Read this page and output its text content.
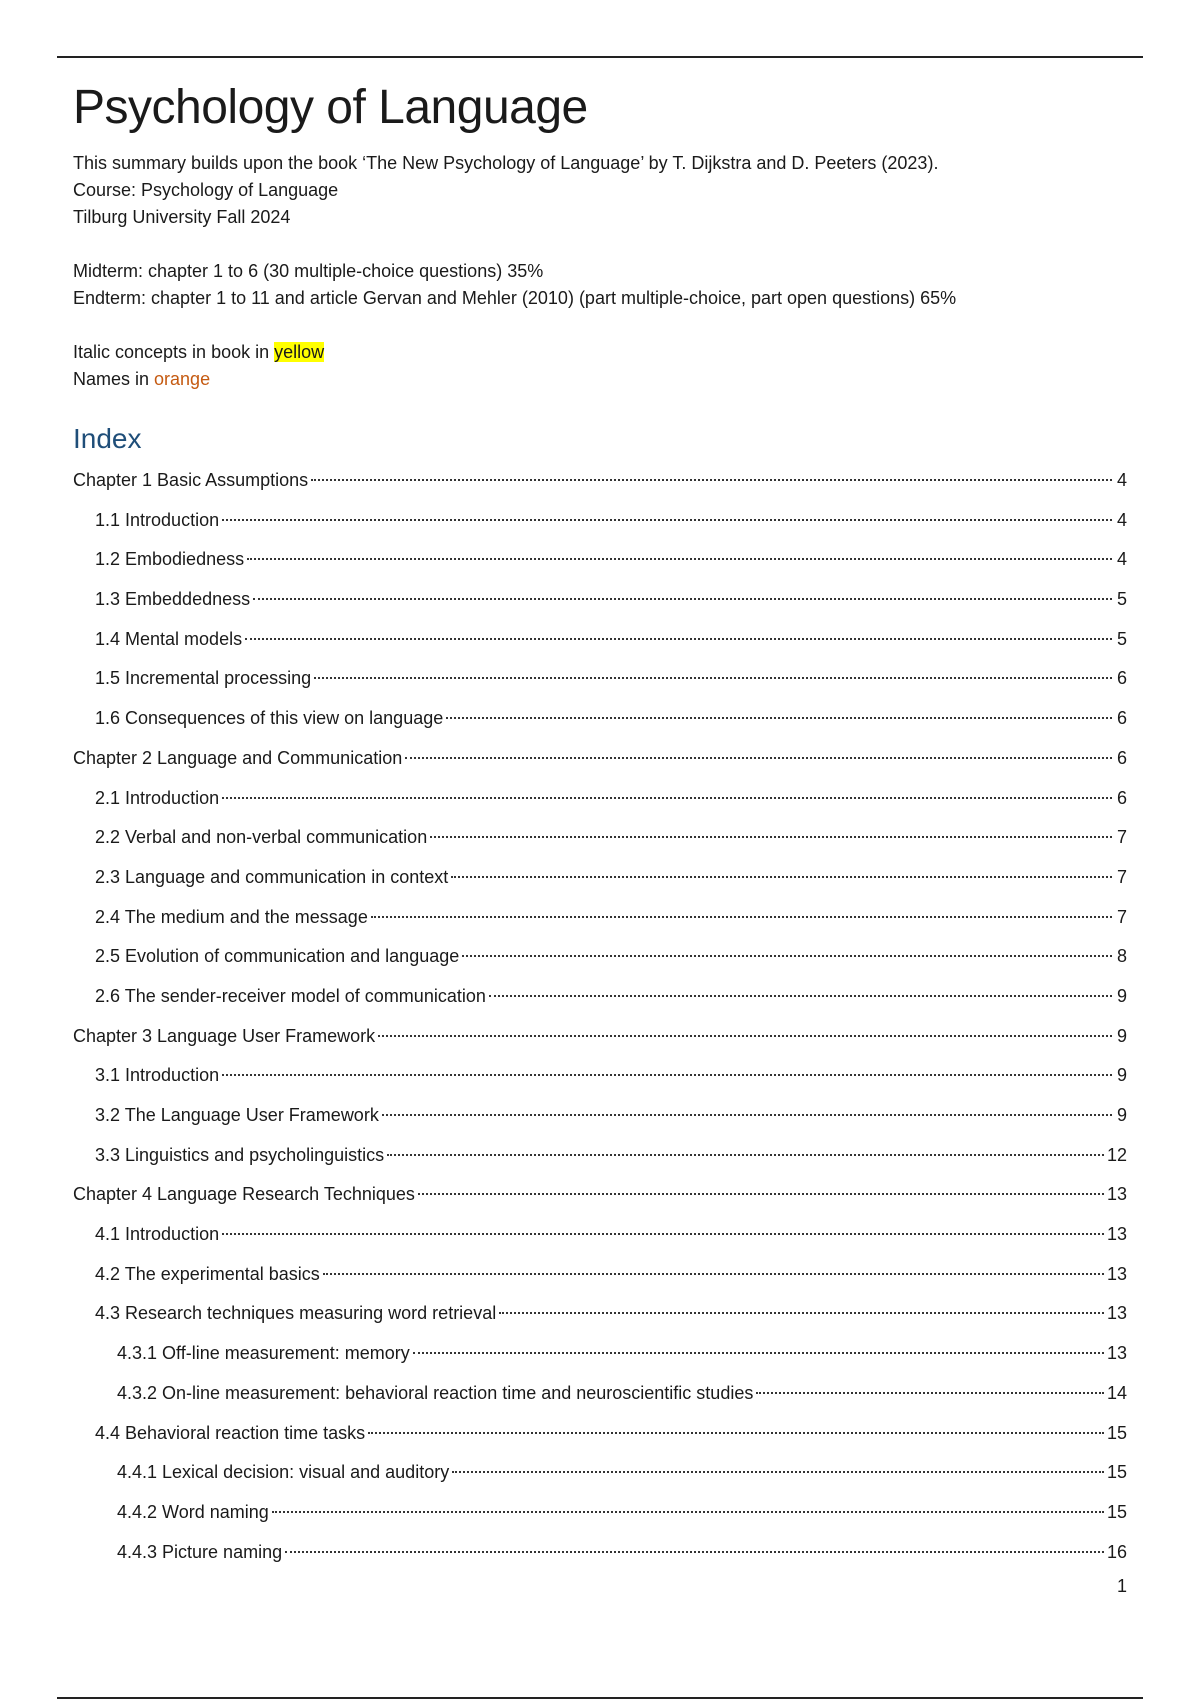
Psychology of Language
This summary builds upon the book ‘The New Psychology of Language’ by T. Dijkstra and D. Peeters (2023).
Course: Psychology of Language
Tilburg University Fall 2024
Midterm: chapter 1 to 6 (30 multiple-choice questions) 35%
Endterm: chapter 1 to 11 and article Gervan and Mehler (2010) (part multiple-choice, part open questions) 65%
Italic concepts in book in yellow
Names in orange
Index
Chapter 1 Basic Assumptions	4
1.1 Introduction	4
1.2 Embodiedness	4
1.3 Embeddedness	5
1.4 Mental models	5
1.5 Incremental processing	6
1.6 Consequences of this view on language	6
Chapter 2 Language and Communication	6
2.1 Introduction	6
2.2 Verbal and non-verbal communication	7
2.3 Language and communication in context	7
2.4 The medium and the message	7
2.5 Evolution of communication and language	8
2.6 The sender-receiver model of communication	9
Chapter 3 Language User Framework	9
3.1 Introduction	9
3.2 The Language User Framework	9
3.3 Linguistics and psycholinguistics	12
Chapter 4 Language Research Techniques	13
4.1 Introduction	13
4.2 The experimental basics	13
4.3 Research techniques measuring word retrieval	13
4.3.1 Off-line measurement: memory	13
4.3.2 On-line measurement: behavioral reaction time and neuroscientific studies	14
4.4 Behavioral reaction time tasks	15
4.4.1 Lexical decision: visual and auditory	15
4.4.2 Word naming	15
4.4.3 Picture naming	16
1
